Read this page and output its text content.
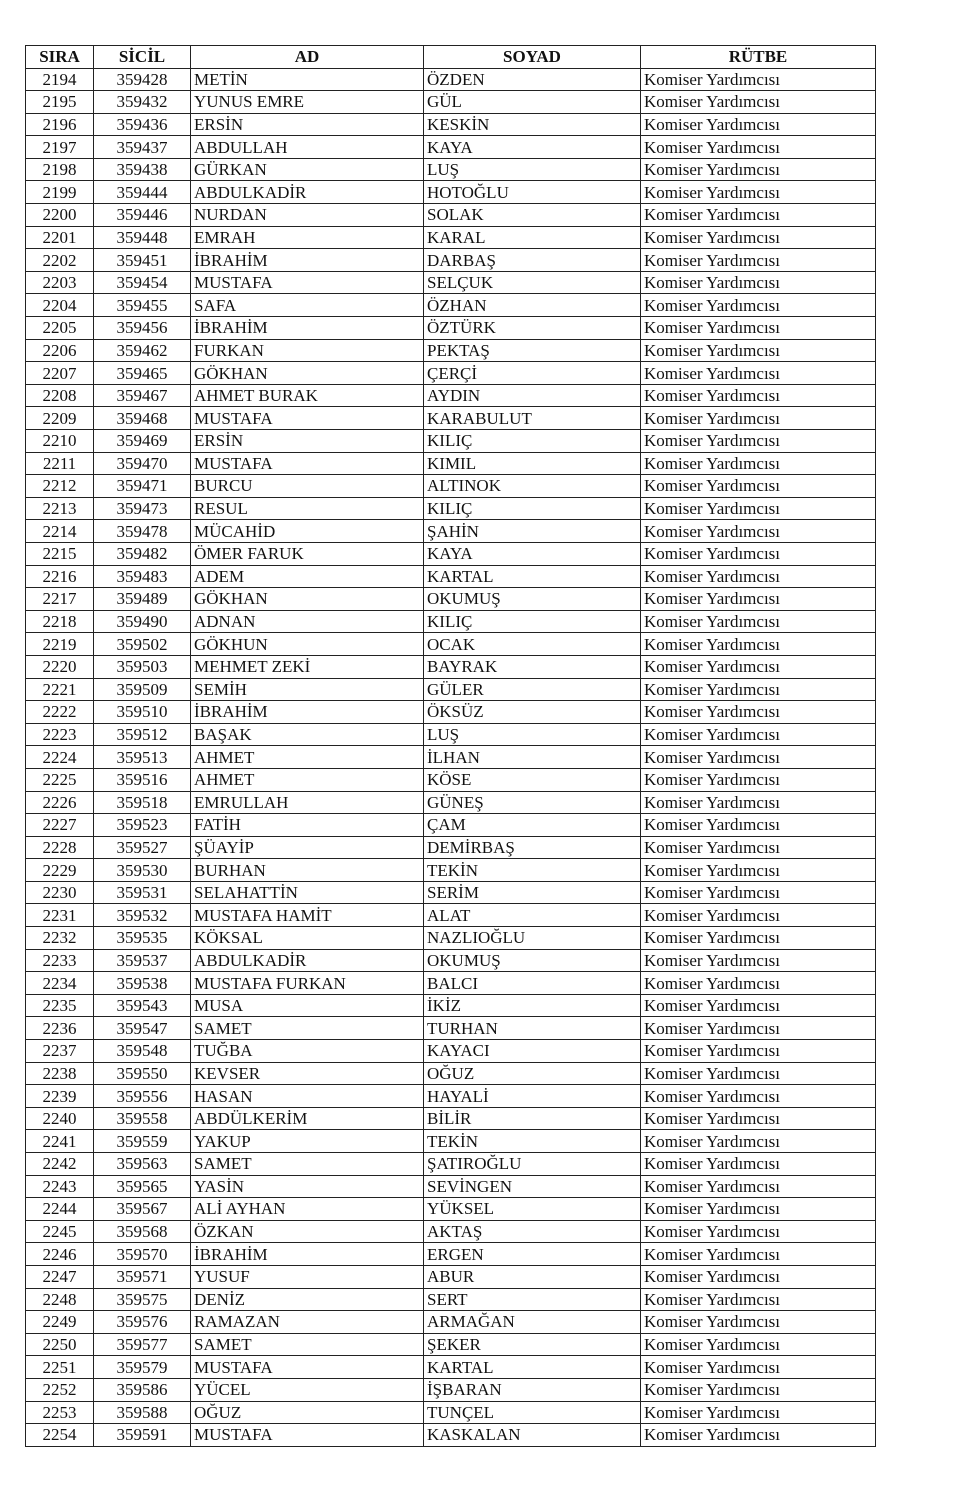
SIRA	SİCİL	AD	SOYAD	RÜTBE
2194	359428	METİN	ÖZDEN	Komiser Yardımcısı
2195	359432	YUNUS EMRE	GÜL	Komiser Yardımcısı
2196	359436	ERSİN	KESKİN	Komiser Yardımcısı
2197	359437	ABDULLAH	KAYA	Komiser Yardımcısı
2198	359438	GÜRKAN	LUŞ	Komiser Yardımcısı
2199	359444	ABDULKADİR	HOTOĞLU	Komiser Yardımcısı
2200	359446	NURDAN	SOLAK	Komiser Yardımcısı
2201	359448	EMRAH	KARAL	Komiser Yardımcısı
2202	359451	İBRAHİM	DARBAŞ	Komiser Yardımcısı
2203	359454	MUSTAFA	SELÇUK	Komiser Yardımcısı
2204	359455	SAFA	ÖZHAN	Komiser Yardımcısı
2205	359456	İBRAHİM	ÖZTÜRK	Komiser Yardımcısı
2206	359462	FURKAN	PEKTAŞ	Komiser Yardımcısı
2207	359465	GÖKHAN	ÇERÇİ	Komiser Yardımcısı
2208	359467	AHMET BURAK	AYDIN	Komiser Yardımcısı
2209	359468	MUSTAFA	KARABULUT	Komiser Yardımcısı
2210	359469	ERSİN	KILIÇ	Komiser Yardımcısı
2211	359470	MUSTAFA	KIMIL	Komiser Yardımcısı
2212	359471	BURCU	ALTINOK	Komiser Yardımcısı
2213	359473	RESUL	KILIÇ	Komiser Yardımcısı
2214	359478	MÜCAHİD	ŞAHİN	Komiser Yardımcısı
2215	359482	ÖMER FARUK	KAYA	Komiser Yardımcısı
2216	359483	ADEM	KARTAL	Komiser Yardımcısı
2217	359489	GÖKHAN	OKUMUŞ	Komiser Yardımcısı
2218	359490	ADNAN	KILIÇ	Komiser Yardımcısı
2219	359502	GÖKHUN	OCAK	Komiser Yardımcısı
2220	359503	MEHMET ZEKİ	BAYRAK	Komiser Yardımcısı
2221	359509	SEMİH	GÜLER	Komiser Yardımcısı
2222	359510	İBRAHİM	ÖKSÜZ	Komiser Yardımcısı
2223	359512	BAŞAK	LUŞ	Komiser Yardımcısı
2224	359513	AHMET	İLHAN	Komiser Yardımcısı
2225	359516	AHMET	KÖSE	Komiser Yardımcısı
2226	359518	EMRULLAH	GÜNEŞ	Komiser Yardımcısı
2227	359523	FATİH	ÇAM	Komiser Yardımcısı
2228	359527	ŞÜAYİP	DEMİRBAŞ	Komiser Yardımcısı
2229	359530	BURHAN	TEKİN	Komiser Yardımcısı
2230	359531	SELAHATTİN	SERİM	Komiser Yardımcısı
2231	359532	MUSTAFA HAMİT	ALAT	Komiser Yardımcısı
2232	359535	KÖKSAL	NAZLIOĞLU	Komiser Yardımcısı
2233	359537	ABDULKADİR	OKUMUŞ	Komiser Yardımcısı
2234	359538	MUSTAFA FURKAN	BALCI	Komiser Yardımcısı
2235	359543	MUSA	İKİZ	Komiser Yardımcısı
2236	359547	SAMET	TURHAN	Komiser Yardımcısı
2237	359548	TUĞBA	KAYACI	Komiser Yardımcısı
2238	359550	KEVSER	OĞUZ	Komiser Yardımcısı
2239	359556	HASAN	HAYALİ	Komiser Yardımcısı
2240	359558	ABDÜLKERİM	BİLİR	Komiser Yardımcısı
2241	359559	YAKUP	TEKİN	Komiser Yardımcısı
2242	359563	SAMET	ŞATIROĞLU	Komiser Yardımcısı
2243	359565	YASİN	SEVİNGEN	Komiser Yardımcısı
2244	359567	ALİ AYHAN	YÜKSEL	Komiser Yardımcısı
2245	359568	ÖZKAN	AKTAŞ	Komiser Yardımcısı
2246	359570	İBRAHİM	ERGEN	Komiser Yardımcısı
2247	359571	YUSUF	ABUR	Komiser Yardımcısı
2248	359575	DENİZ	SERT	Komiser Yardımcısı
2249	359576	RAMAZAN	ARMAĞAN	Komiser Yardımcısı
2250	359577	SAMET	ŞEKER	Komiser Yardımcısı
2251	359579	MUSTAFA	KARTAL	Komiser Yardımcısı
2252	359586	YÜCEL	İŞBARAN	Komiser Yardımcısı
2253	359588	OĞUZ	TUNÇEL	Komiser Yardımcısı
2254	359591	MUSTAFA	KASKALAN	Komiser Yardımcısı
